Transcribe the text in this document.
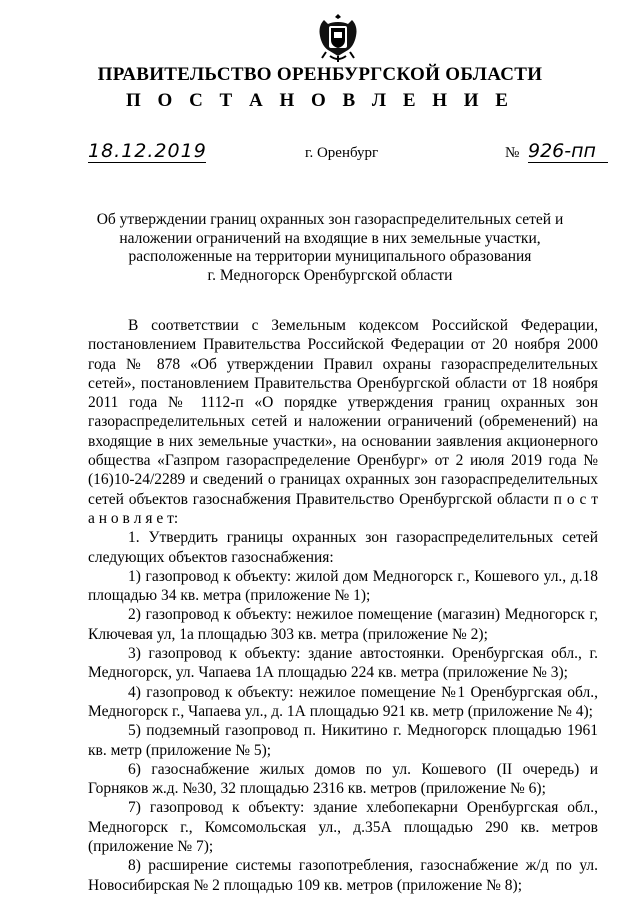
ПРАВИТЕЛЬСТВО ОРЕНБУРГСКОЙ ОБЛАСТИ
П О С Т А Н О В Л Е Н И Е
18.12.2019	г. Оренбург	№ 926-пп
Об утверждении границ охранных зон газораспределительных сетей и
наложении ограничений на входящие в них земельные участки,
расположенные на территории муниципального образования
г. Медногорск Оренбургской области

В соответствии с Земельным кодексом Российской Федерации, постановлением Правительства Российской Федерации от 20 ноября 2000 года № 878 «Об утверждении Правил охраны газораспределительных сетей», постановлением Правительства Оренбургской области от 18 ноября 2011 года № 1112-п «О порядке утверждения границ охранных зон газораспределительных сетей и наложении ограничений (обременений) на входящие в них земельные участки», на основании заявления акционерного общества «Газпром газораспределение Оренбург» от 2 июля 2019 года № (16)10-24/2289 и сведений о границах охранных зон газораспределительных сетей объектов газоснабжения Правительство Оренбургской области п о с т а н о в л я е т:

1. Утвердить границы охранных зон газораспределительных сетей следующих объектов газоснабжения:

1) газопровод к объекту: жилой дом Медногорск г., Кошевого ул., д.18 площадью 34 кв. метра (приложение № 1);

2) газопровод к объекту: нежилое помещение (магазин) Медногорск г, Ключевая ул, 1а площадью 303 кв. метра (приложение № 2);

3) газопровод к объекту: здание автостоянки. Оренбургская обл., г. Медногорск, ул. Чапаева 1А площадью 224 кв. метра (приложение № 3);

4) газопровод к объекту: нежилое помещение №1 Оренбургская обл., Медногорск г., Чапаева ул., д. 1А площадью 921 кв. метр (приложение № 4);

5) подземный газопровод п. Никитино г. Медногорск площадью 1961 кв. метр (приложение № 5);

6) газоснабжение жилых домов по ул. Кошевого (II очередь) и Горняков ж.д. №30, 32 площадью 2316 кв. метров (приложение № 6);

7) газопровод к объекту: здание хлебопекарни Оренбургская обл., Медногорск г., Комсомольская ул., д.35А площадью 290 кв. метров (приложение № 7);

8) расширение системы газопотребления, газоснабжение ж/д по ул. Новосибирская № 2 площадью 109 кв. метров (приложение № 8);
